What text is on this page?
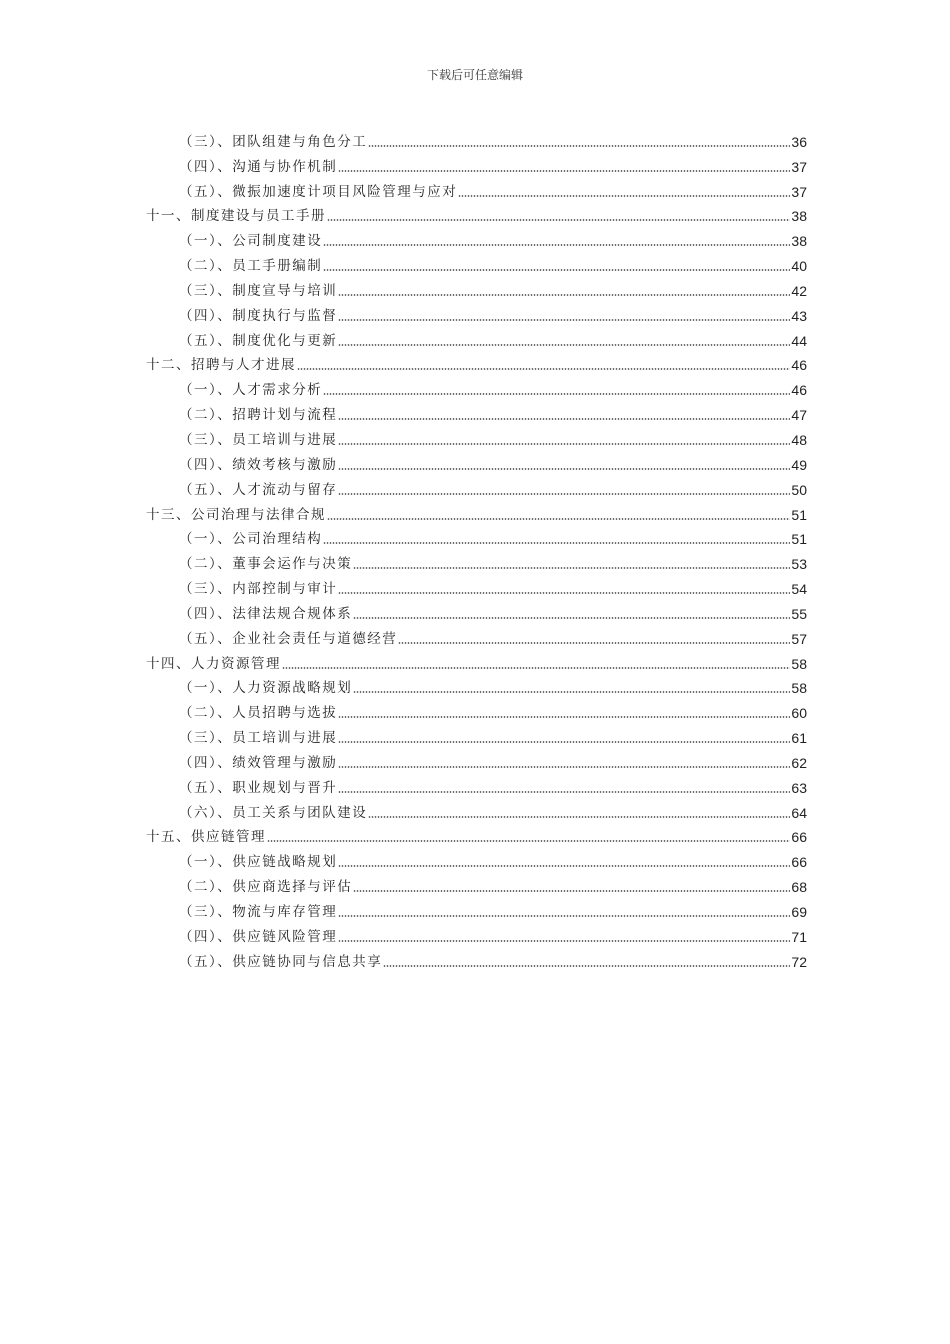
下载后可任意编辑
（三）、团队组建与角色分工	36
（四）、沟通与协作机制	37
（五）、微振加速度计项目风险管理与应对	37
十一、制度建设与员工手册	38
（一）、公司制度建设	38
（二）、员工手册编制	40
（三）、制度宣导与培训	42
（四）、制度执行与监督	43
（五）、制度优化与更新	44
十二、招聘与人才进展	46
（一）、人才需求分析	46
（二）、招聘计划与流程	47
（三）、员工培训与进展	48
（四）、绩效考核与激励	49
（五）、人才流动与留存	50
十三、公司治理与法律合规	51
（一）、公司治理结构	51
（二）、董事会运作与决策	53
（三）、内部控制与审计	54
（四）、法律法规合规体系	55
（五）、企业社会责任与道德经营	57
十四、人力资源管理	58
（一）、人力资源战略规划	58
（二）、人员招聘与选拔	60
（三）、员工培训与进展	61
（四）、绩效管理与激励	62
（五）、职业规划与晋升	63
（六）、员工关系与团队建设	64
十五、供应链管理	66
（一）、供应链战略规划	66
（二）、供应商选择与评估	68
（三）、物流与库存管理	69
（四）、供应链风险管理	71
（五）、供应链协同与信息共享	72
